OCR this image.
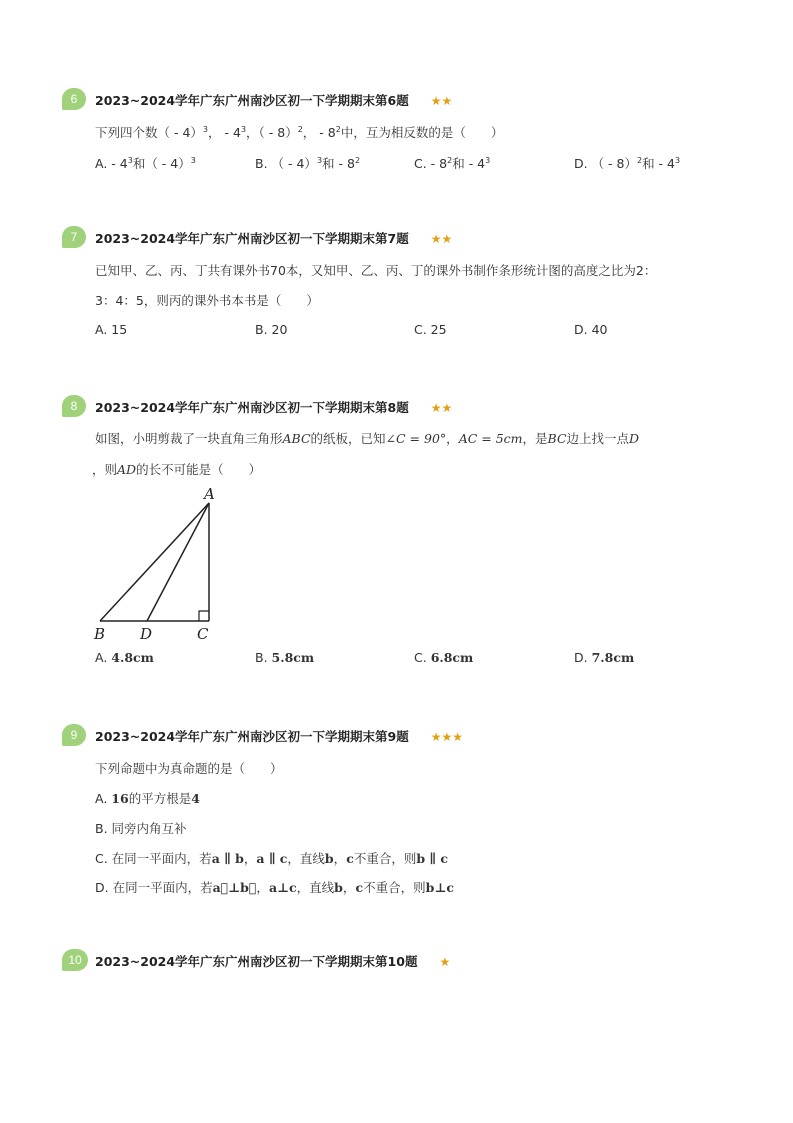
6	2023~2024学年广东广州南沙区初一下学期期末第6题 ★★
下列四个数（ - 4）$^3$， - $4^3$，（ - 8）$^2$， - $8^2$中，互为相反数的是（　　）
A. - $4^3$和（ - 4）$^3$	B. （ - 4）$^3$和 - $8^2$	C. - $8^2$和 - $4^3$	D. （ - 8）$^2$和 - $4^3$
7	2023~2024学年广东广州南沙区初一下学期期末第7题 ★★
已知甲、乙、丙、丁共有课外书70本，又知甲、乙、丙、丁的课外书制作条形统计图的高度之比为2：
3：4：5，则丙的课外书本书是（　　）
A. 15	B. 20	C. 25	D. 40
8	2023~2024学年广东广州南沙区初一下学期期末第8题 ★★
如图，小明剪裁了一块直角三角形ABC的纸板，已知∠C = 90°，AC = 5cm，是BC边上找一点D
，则AD的长不可能是（　　）
A
B D	C
A. 4.8cm	B. 5.8cm	C. 6.8cm	D. 7.8cm
9	2023~2024学年广东广州南沙区初一下学期期末第9题 ★★★
下列命题中为真命题的是（　　）
A. 16的平方根是4
B. 同旁内角互补
C. 在同一平面内，若a ∥ b，a ∥ c，直线b，c不重合，则b ∥ c
D. 在同一平面内，若a⃗⊥b⃗，a⊥c，直线b，c不重合，则b⊥c
10	2023~2024学年广东广州南沙区初一下学期期末第10题 ★
